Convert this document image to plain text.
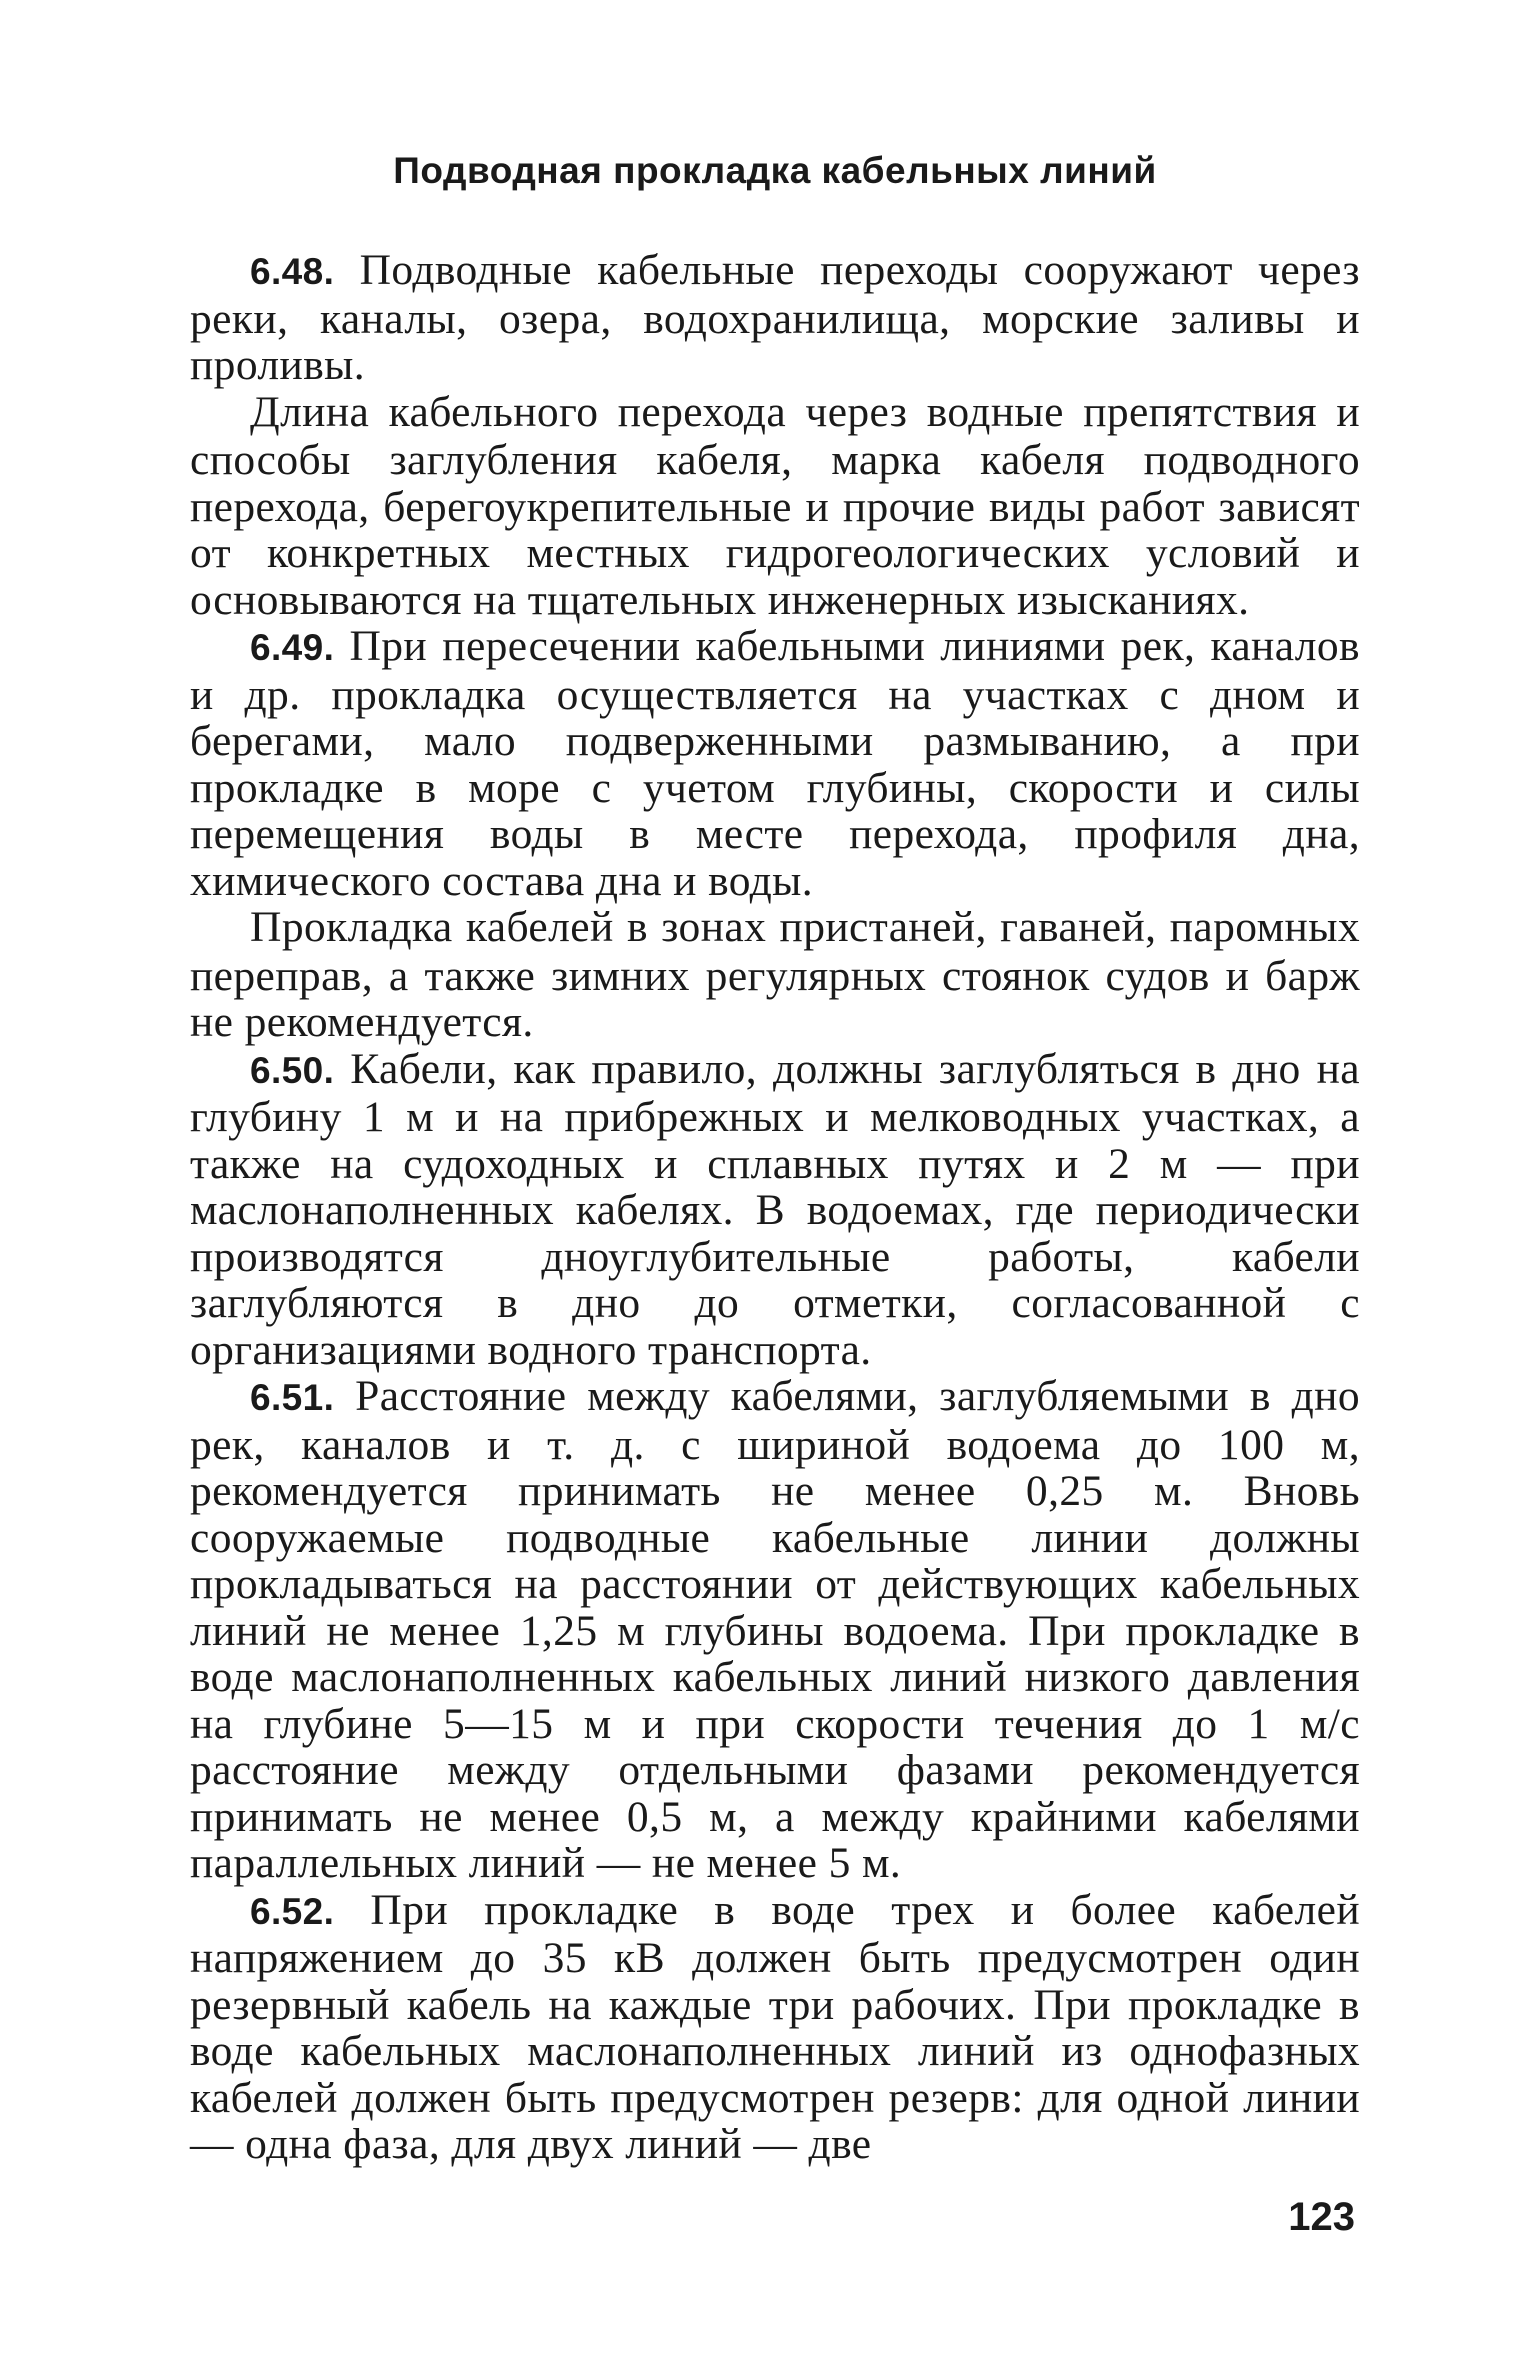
Подводная прокладка кабельных линий

6.48. Подводные кабельные переходы сооружают через реки, каналы, озера, водохранилища, морские заливы и проливы.

Длина кабельного перехода через водные препятствия и способы заглубления кабеля, марка кабеля подводного перехода, берегоукрепительные и прочие виды работ зависят от конкретных местных гидрогеологических условий и основываются на тщательных инженерных изысканиях.

6.49. При пересечении кабельными линиями рек, каналов и др. прокладка осуществляется на участках с дном и берегами, мало подверженными размыванию, а при прокладке в море с учетом глубины, скорости и силы перемещения воды в месте перехода, профиля дна, химического состава дна и воды.

Прокладка кабелей в зонах пристаней, гаваней, паромных переправ, а также зимних регулярных стоянок судов и барж не рекомендуется.

6.50. Кабели, как правило, должны заглубляться в дно на глубину 1 м и на прибрежных и мелководных участках, а также на судоходных и сплавных путях и 2 м — при маслонаполненных кабелях. В водоемах, где периодически производятся дноуглубительные работы, кабели заглубляются в дно до отметки, согласованной с организациями водного транспорта.

6.51. Расстояние между кабелями, заглубляемыми в дно рек, каналов и т. д. с шириной водоема до 100 м, рекомендуется принимать не менее 0,25 м. Вновь сооружаемые подводные кабельные линии должны прокладываться на расстоянии от действующих кабельных линий не менее 1,25 м глубины водоема. При прокладке в воде маслонаполненных кабельных линий низкого давления на глубине 5—15 м и при скорости течения до 1 м/с расстояние между отдельными фазами рекомендуется принимать не менее 0,5 м, а между крайними кабелями параллельных линий — не менее 5 м.

6.52. При прокладке в воде трех и более кабелей напряжением до 35 кВ должен быть предусмотрен один резервный кабель на каждые три рабочих. При прокладке в воде кабельных маслонаполненных линий из однофазных кабелей должен быть предусмотрен резерв: для одной линии — одна фаза, для двух линий — две

123
